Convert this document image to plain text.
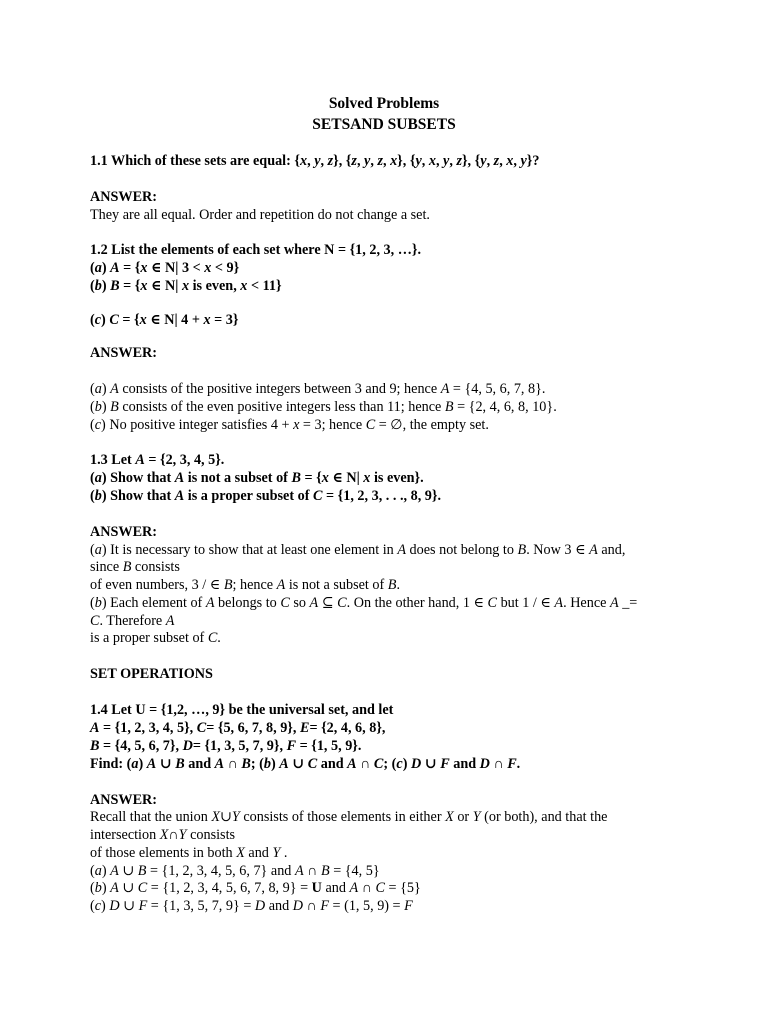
Solved Problems
SETSAND SUBSETS
1.1 Which of these sets are equal: {x, y, z}, {z, y, z, x}, {y, x, y, z}, {y, z, x, y}?
ANSWER:
They are all equal. Order and repetition do not change a set.
1.2 List the elements of each set where N = {1, 2, 3, …}.
(a) A = {x ∈ N| 3 < x < 9}
(b) B = {x ∈ N| x is even, x < 11}
(c) C = {x ∈ N| 4 + x = 3}
ANSWER:
(a) A consists of the positive integers between 3 and 9; hence A = {4, 5, 6, 7, 8}.
(b) B consists of the even positive integers less than 11; hence B = {2, 4, 6, 8, 10}.
(c) No positive integer satisfies 4 + x = 3; hence C = ∅, the empty set.
1.3 Let A = {2, 3, 4, 5}.
(a) Show that A is not a subset of B = {x ∈ N| x is even}.
(b) Show that A is a proper subset of C = {1, 2, 3, . . ., 8, 9}.
ANSWER:
(a) It is necessary to show that at least one element in A does not belong to B. Now 3 ∈ A and,
since B consists
of even numbers, 3 / ∈ B; hence A is not a subset of B.
(b) Each element of A belongs to C so A ⊆ C. On the other hand, 1 ∈ C but 1 / ∈ A. Hence A _=
C. Therefore A
is a proper subset of C.
SET OPERATIONS
1.4 Let U = {1,2, …, 9} be the universal set, and let
A = {1, 2, 3, 4, 5}, C= {5, 6, 7, 8, 9}, E= {2, 4, 6, 8},
B = {4, 5, 6, 7}, D= {1, 3, 5, 7, 9}, F = {1, 5, 9}.
Find: (a) A ∪ B and A ∩ B; (b) A ∪ C and A ∩ C; (c) D ∪ F and D ∩ F.
ANSWER:
Recall that the union X∪Y consists of those elements in either X or Y (or both), and that the
intersection X∩Y consists
of those elements in both X and Y .
(a) A ∪ B = {1, 2, 3, 4, 5, 6, 7} and A ∩ B = {4, 5}
(b) A ∪ C = {1, 2, 3, 4, 5, 6, 7, 8, 9} = U and A ∩ C = {5}
(c) D ∪ F = {1, 3, 5, 7, 9} = D and D ∩ F = (1, 5, 9) = F
